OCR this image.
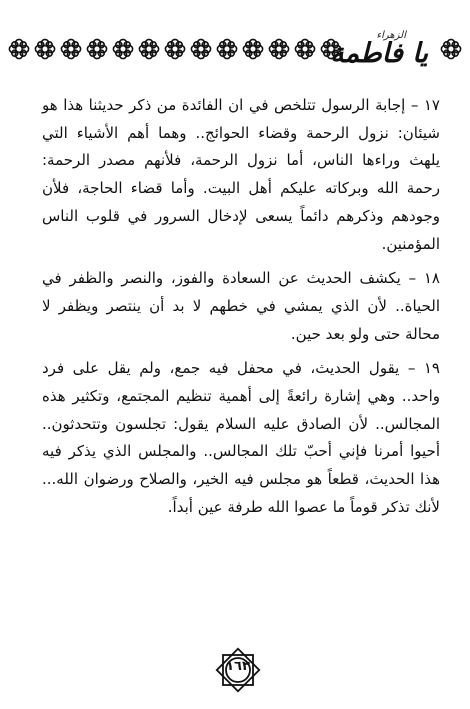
الزهراء
يا فاطمة

١٧ – إجابة الرسول تتلخص في ان الفائدة من ذكر حديثنا هذا هو شيئان: نزول الرحمة وقضاء الحوائج.. وهما أهم الأشياء التي يلهث وراءها الناس، أما نزول الرحمة، فلأنهم مصدر الرحمة: رحمة الله وبركاته عليكم أهل البيت. وأما قضاء الحاجة، فلأن وجودهم وذكرهم دائماً يسعى لإدخال السرور في قلوب الناس المؤمنين.

١٨ – يكشف الحديث عن السعادة والفوز، والنصر والظفر في الحياة.. لأن الذي يمشي في خطهم لا بد أن ينتصر ويظفر لا محالة حتى ولو بعد حين.

١٩ – يقول الحديث، في محفل فيه جمع، ولم يقل على فرد واحد.. وهي إشارة رائعةً إلى أهمية تنظيم المجتمع، وتكثير هذه المجالس.. لأن الصادق عليه السلام يقول: تجلسون وتتحدثون.. أحيوا أمرنا فإني أحبّ تلك المجالس.. والمجلس الذي يذكر فيه هذا الحديث، قطعاً هو مجلس فيه الخير، والصلاح ورضوان الله... لأنك تذكر قوماً ما عصوا الله طرفة عين أبداً.

١٦٣
